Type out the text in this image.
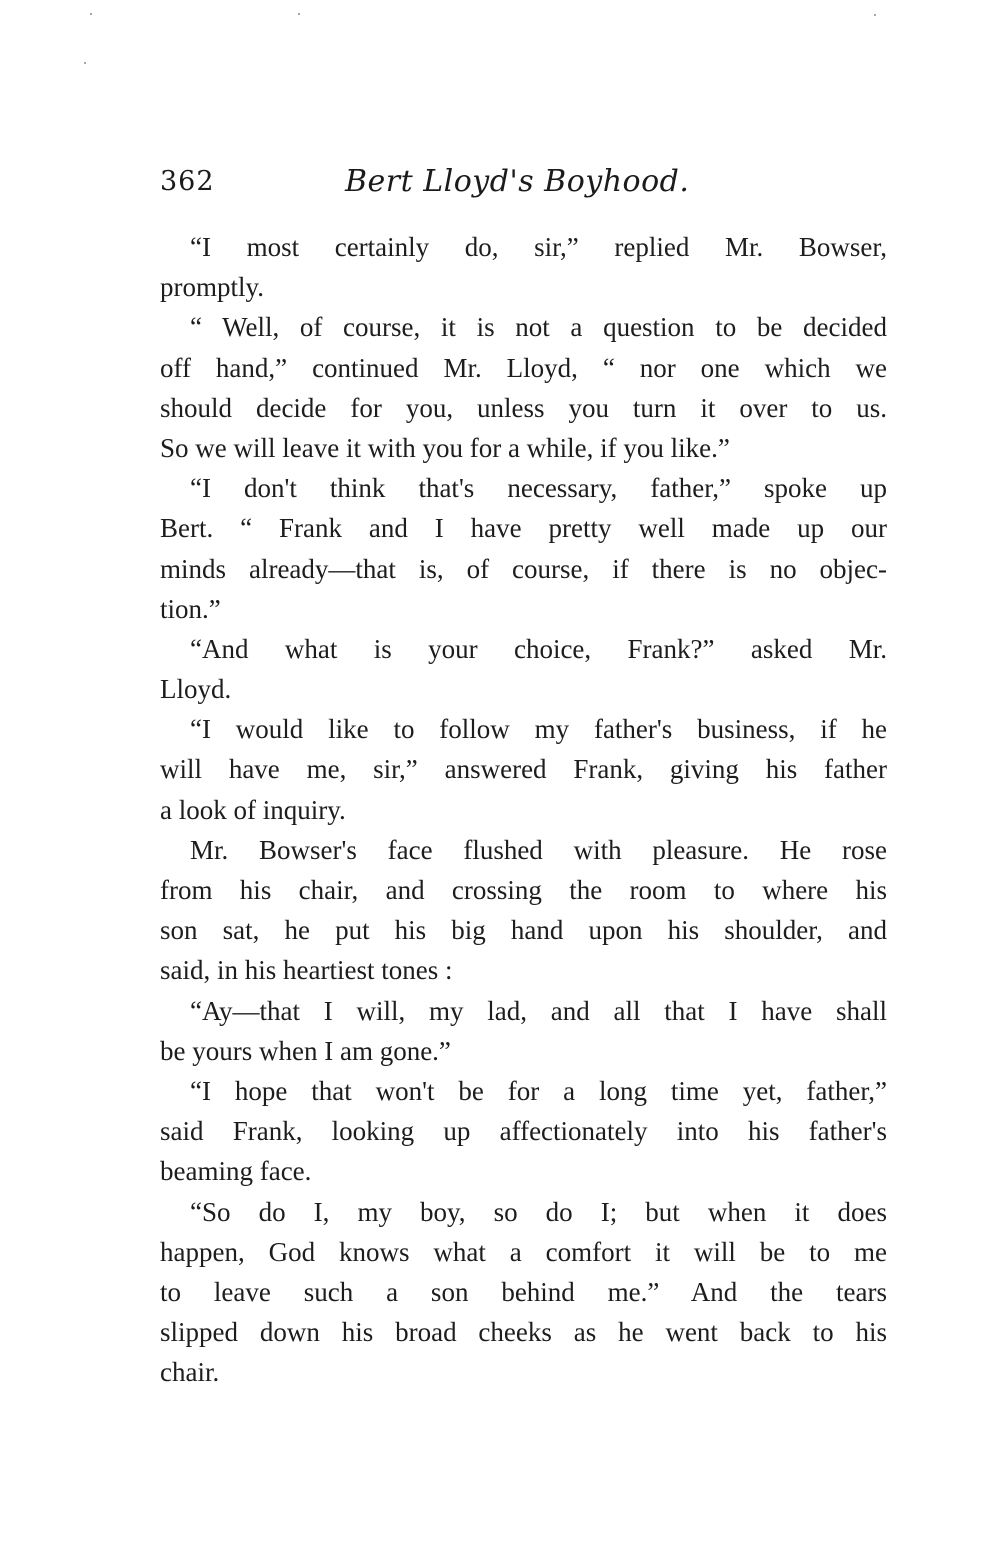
362	Bert Lloyd's Boyhood.

“I most certainly do, sir,” replied Mr. Bowser,
promptly.

“ Well, of course, it is not a question to be decided
off hand,” continued Mr. Lloyd, “ nor one which we
should decide for you, unless you turn it over to us.
So we will leave it with you for a while, if you like.”

“I don't think that's necessary, father,” spoke up
Bert. “ Frank and I have pretty well made up our
minds already—that is, of course, if there is no objec-
tion.”

“And what is your choice, Frank?” asked Mr.
Lloyd.

“I would like to follow my father's business, if he
will have me, sir,” answered Frank, giving his father
a look of inquiry.

Mr. Bowser's face flushed with pleasure. He rose
from his chair, and crossing the room to where his
son sat, he put his big hand upon his shoulder, and
said, in his heartiest tones :

“Ay—that I will, my lad, and all that I have shall
be yours when I am gone.”

“I hope that won't be for a long time yet, father,”
said Frank, looking up affectionately into his father's
beaming face.

“So do I, my boy, so do I; but when it does
happen, God knows what a comfort it will be to me
to leave such a son behind me.” And the tears
slipped down his broad cheeks as he went back to his
chair.
